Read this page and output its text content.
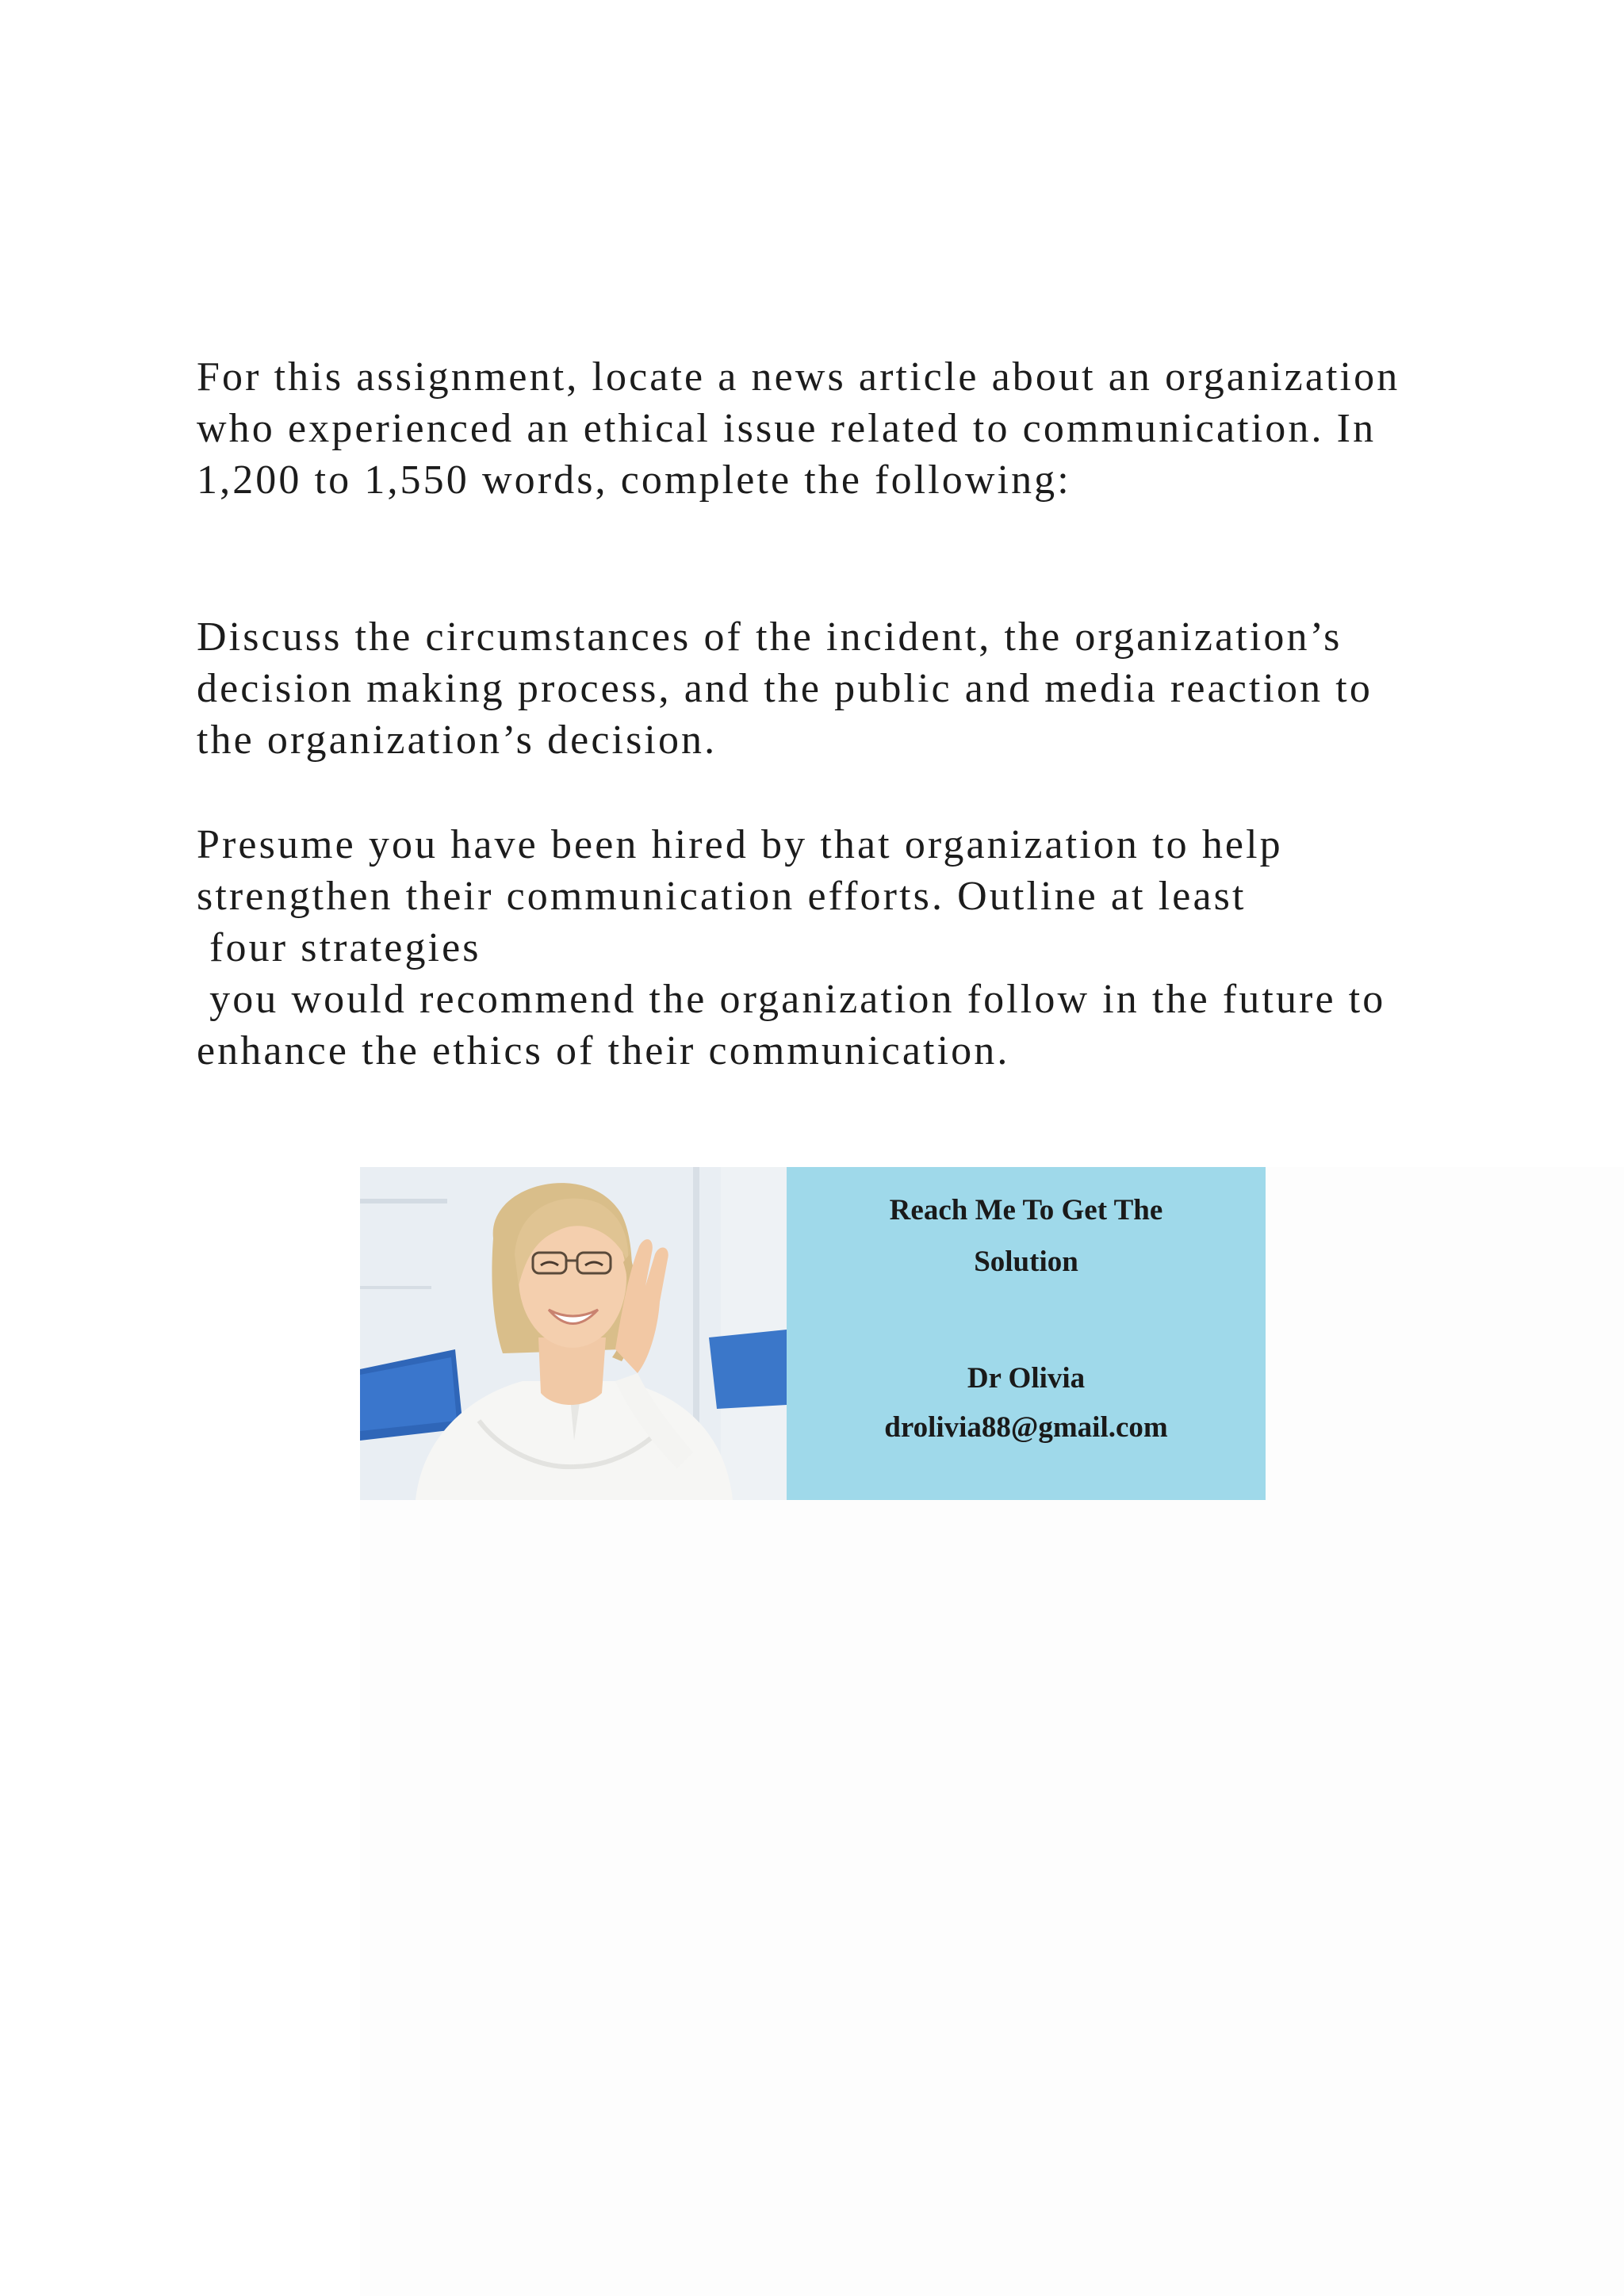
For this assignment, locate a news article about an organization
who experienced an ethical issue related to communication. In
1,200 to 1,550 words, complete the following:
Discuss the circumstances of the incident, the organization’s
decision making process, and the public and media reaction to
the organization’s decision.
Presume you have been hired by that organization to help
strengthen their communication efforts. Outline at least
four strategies
you would recommend the organization follow in the future to
enhance the ethics of their communication.
Reach Me To Get The
Solution
Dr Olivia
drolivia88@gmail.com
